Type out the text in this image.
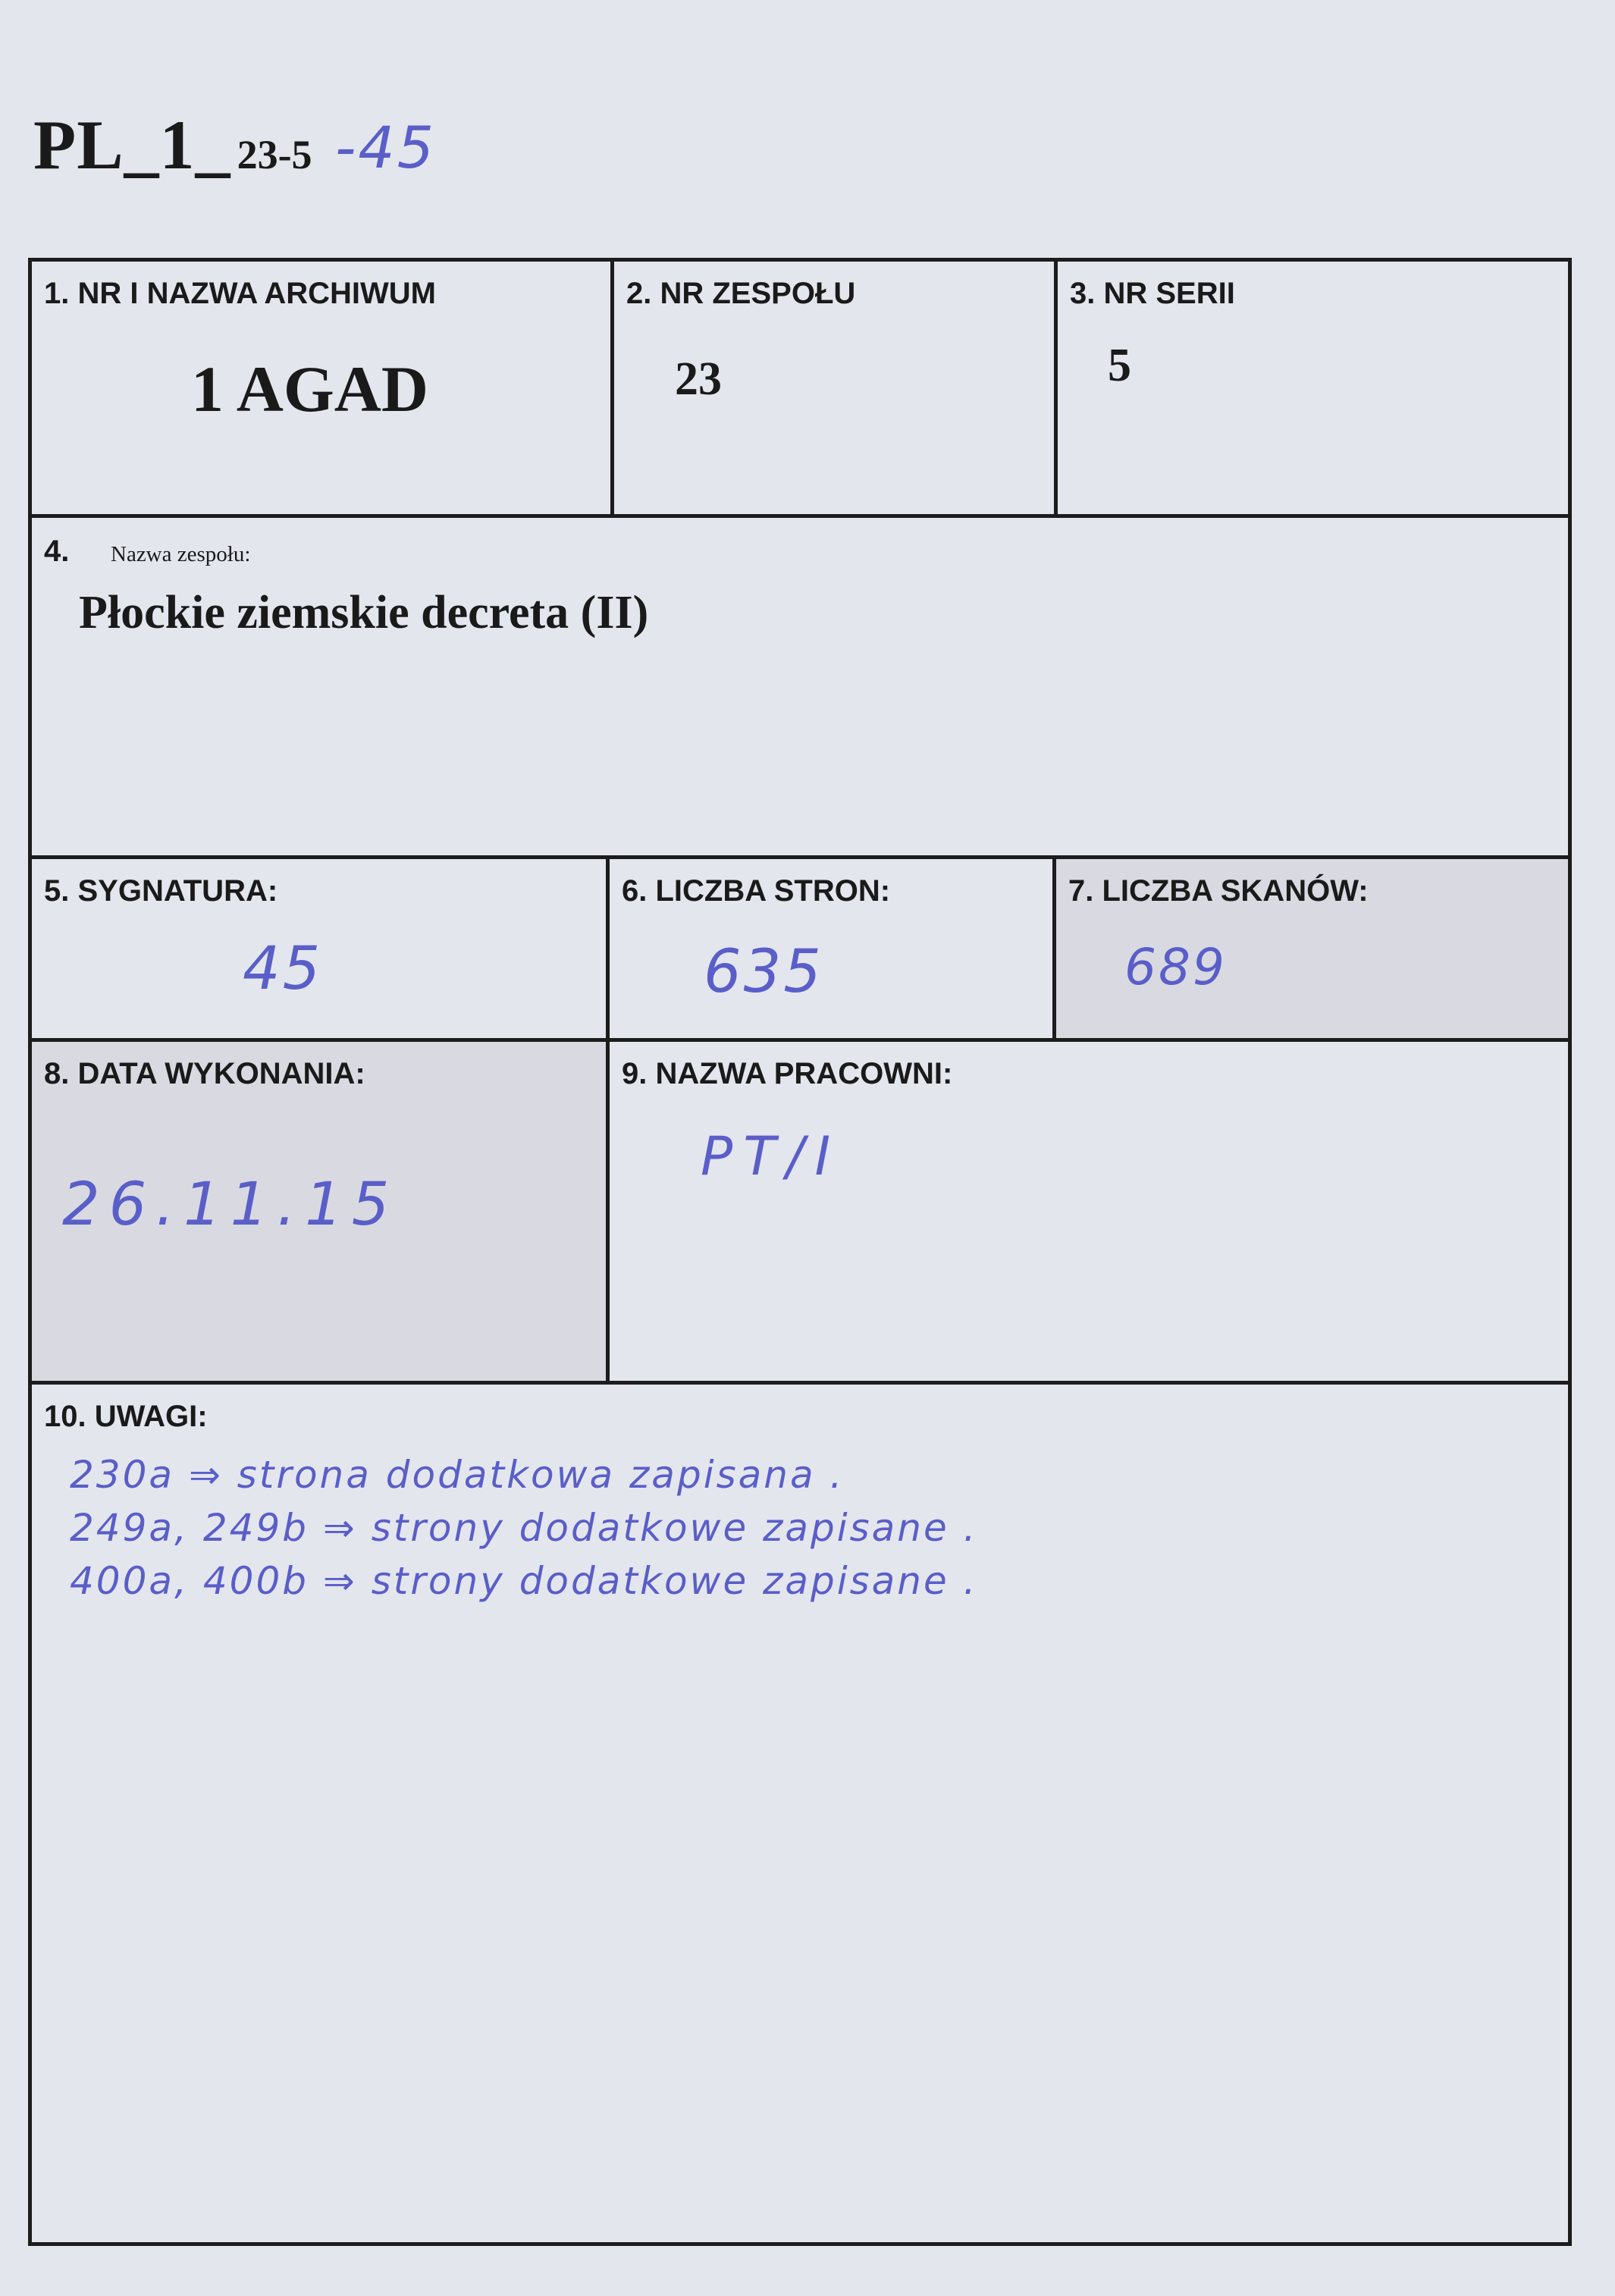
PL_1_ 23-5 -45
1. NR I NAZWA ARCHIWUM
1 AGAD
2. NR ZESPOŁU
23
3. NR SERII
5
4. Nazwa zespołu:
Płockie ziemskie decreta (II)
5. SYGNATURA:
45
6. LICZBA STRON:
635
7. LICZBA SKANÓW:
689
8. DATA WYKONANIA:
26.11.15
9. NAZWA PRACOWNI:
PT/I
10. UWAGI:
230a ⇒ strona dodatkowa zapisana .
249a, 249b ⇒ strony dodatkowe zapisane .
400a, 400b ⇒ strony dodatkowe zapisane .
